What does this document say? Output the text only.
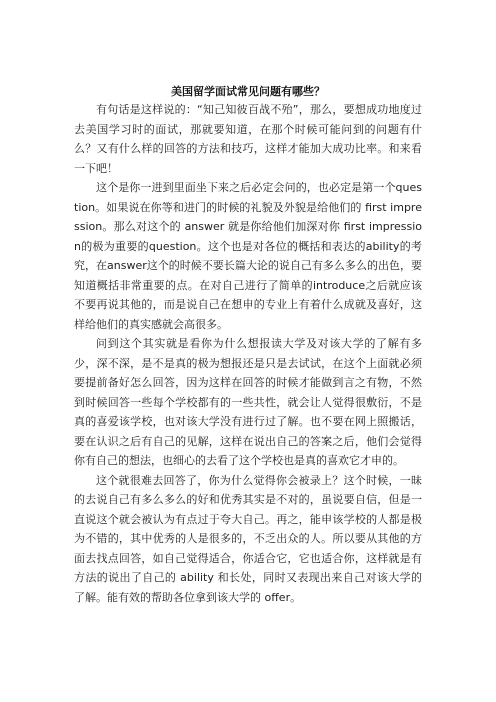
美国留学面试常见问题有哪些？

有句话是这样说的：“知己知彼百战不殆”，那么，要想成功地度过去美国学习时的面试，那就要知道，在那个时候可能问到的问题有什么？又有什么样的回答的方法和技巧，这样才能加大成功比率。和来看一下吧！

这个是你一进到里面坐下来之后必定会问的，也必定是第一个question。如果说在你等和进门的时候的礼貌及外貌是给他们的 first impression。那么对这个的 answer 就是你给他们加深对你 first impression的极为重要的question。这个也是对各位的概括和表达的ability的考究，在answer这个的时候不要长篇大论的说自己有多么多么的出色，要知道概括非常重要的点。在对自己进行了简单的introduce之后就应该不要再说其他的，而是说自己在想申的专业上有着什么成就及喜好，这样给他们的真实感就会高很多。

问到这个其实就是看你为什么想报读大学及对该大学的了解有多少，深不深，是不是真的极为想报还是只是去试试，在这个上面就必须要提前备好怎么回答，因为这样在回答的时候才能做到言之有物，不然到时候回答一些每个学校都有的一些共性，就会让人觉得很敷衍，不是真的喜爱该学校，也对该大学没有进行过了解。也不要在网上照搬话，要在认识之后有自己的见解，这样在说出自己的答案之后，他们会觉得你有自己的想法，也细心的去看了这个学校也是真的喜欢它才申的。

这个就很难去回答了，你为什么觉得你会被录上？这个时候，一昧的去说自己有多么多么的好和优秀其实是不对的，虽说要自信，但是一直说这个就会被认为有点过于夸大自己。再之，能申该学校的人都是极为不错的，其中优秀的人是很多的，不乏出众的人。所以要从其他的方面去找点回答，如自己觉得适合，你适合它，它也适合你，这样就是有方法的说出了自己的 ability 和长处，同时又表现出来自己对该大学的了解。能有效的帮助各位拿到该大学的 offer。
